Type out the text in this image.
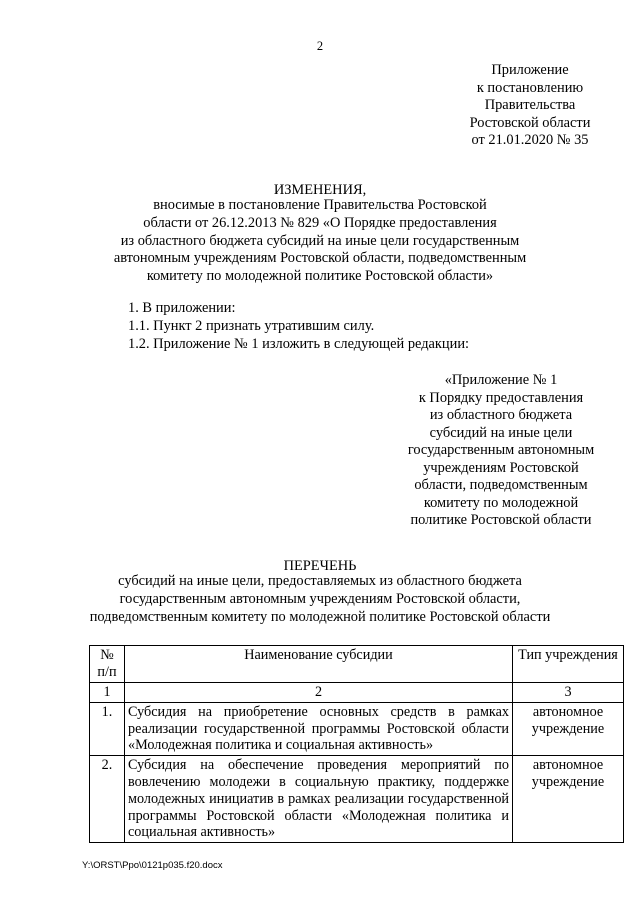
2
Приложение
к постановлению
Правительства
Ростовской области
от 21.01.2020 № 35
ИЗМЕНЕНИЯ,
вносимые в постановление Правительства Ростовской
области от 26.12.2013 № 829 «О Порядке предоставления
из областного бюджета субсидий на иные цели государственным
автономным учреждениям Ростовской области, подведомственным
комитету по молодежной политике Ростовской области»
1. В приложении:
1.1. Пункт 2 признать утратившим силу.
1.2. Приложение № 1 изложить в следующей редакции:
«Приложение № 1
к Порядку предоставления
из областного бюджета
субсидий на иные цели
государственным автономным
учреждениям Ростовской
области, подведомственным
комитету по молодежной
политике Ростовской области
ПЕРЕЧЕНЬ
субсидий на иные цели, предоставляемых из областного бюджета
государственным автономным учреждениям Ростовской области,
подведомственным комитету по молодежной политике Ростовской области
№ п/п	Наименование субсидии	Тип учреждения
1	2	3
1.	Субсидия на приобретение основных средств в рамках реализации государственной программы Ростовской области «Молодежная политика и социальная активность»	автономное учреждение
2.	Субсидия на обеспечение проведения мероприятий по вовлечению молодежи в социальную практику, поддержке молодежных инициатив в рамках реализации государственной программы Ростовской области «Молодежная политика и социальная активность»	автономное учреждение
Y:\ORST\Ppo\0121p035.f20.docx
